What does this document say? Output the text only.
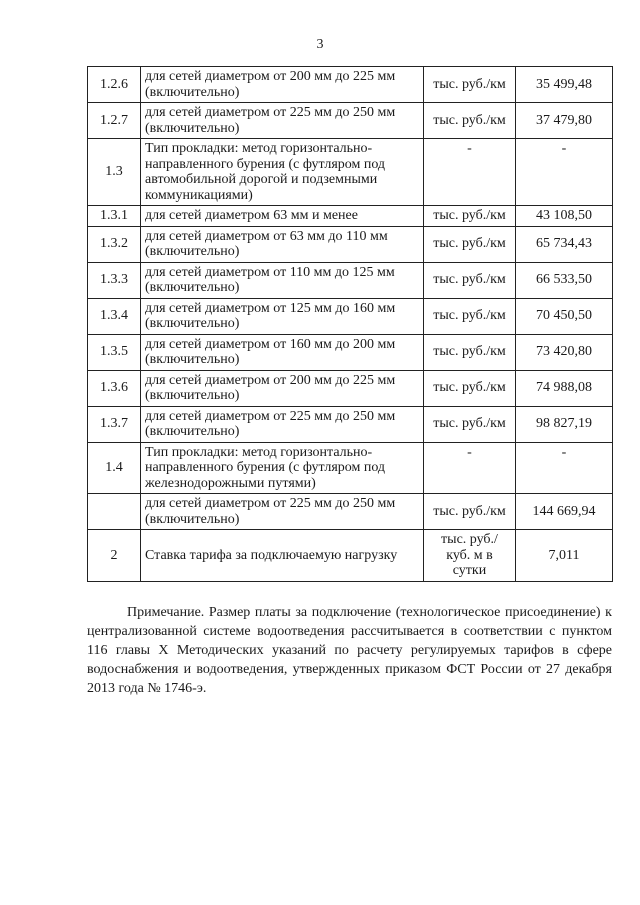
3
1.2.6	для сетей диаметром от 200 мм до 225 мм (включительно)	тыс. руб./км	35 499,48
1.2.7	для сетей диаметром от 225 мм до 250 мм (включительно)	тыс. руб./км	37 479,80
1.3	Тип прокладки: метод горизонтально-направленного бурения (с футляром под автомобильной дорогой и подземными коммуникациями)	-	-
1.3.1	для сетей диаметром 63 мм и менее	тыс. руб./км	43 108,50
1.3.2	для сетей диаметром от 63 мм до 110 мм (включительно)	тыс. руб./км	65 734,43
1.3.3	для сетей диаметром от 110 мм до 125 мм (включительно)	тыс. руб./км	66 533,50
1.3.4	для сетей диаметром от 125 мм до 160 мм (включительно)	тыс. руб./км	70 450,50
1.3.5	для сетей диаметром от 160 мм до 200 мм (включительно)	тыс. руб./км	73 420,80
1.3.6	для сетей диаметром от 200 мм до 225 мм (включительно)	тыс. руб./км	74 988,08
1.3.7	для сетей диаметром от 225 мм до 250 мм (включительно)	тыс. руб./км	98 827,19
1.4	Тип прокладки: метод горизонтально-направленного бурения (с футляром под железнодорожными путями)	-	-
	для сетей диаметром от 225 мм до 250 мм (включительно)	тыс. руб./км	144 669,94
2	Ставка тарифа за подключаемую нагрузку	тыс. руб./ куб. м в сутки	7,011

Примечание. Размер платы за подключение (технологическое присоединение) к централизованной системе водоотведения рассчитывается в соответствии с пунктом 116 главы X Методических указаний по расчету регулируемых тарифов в сфере водоснабжения и водоотведения, утвержденных приказом ФСТ России от 27 декабря 2013 года № 1746-э.
